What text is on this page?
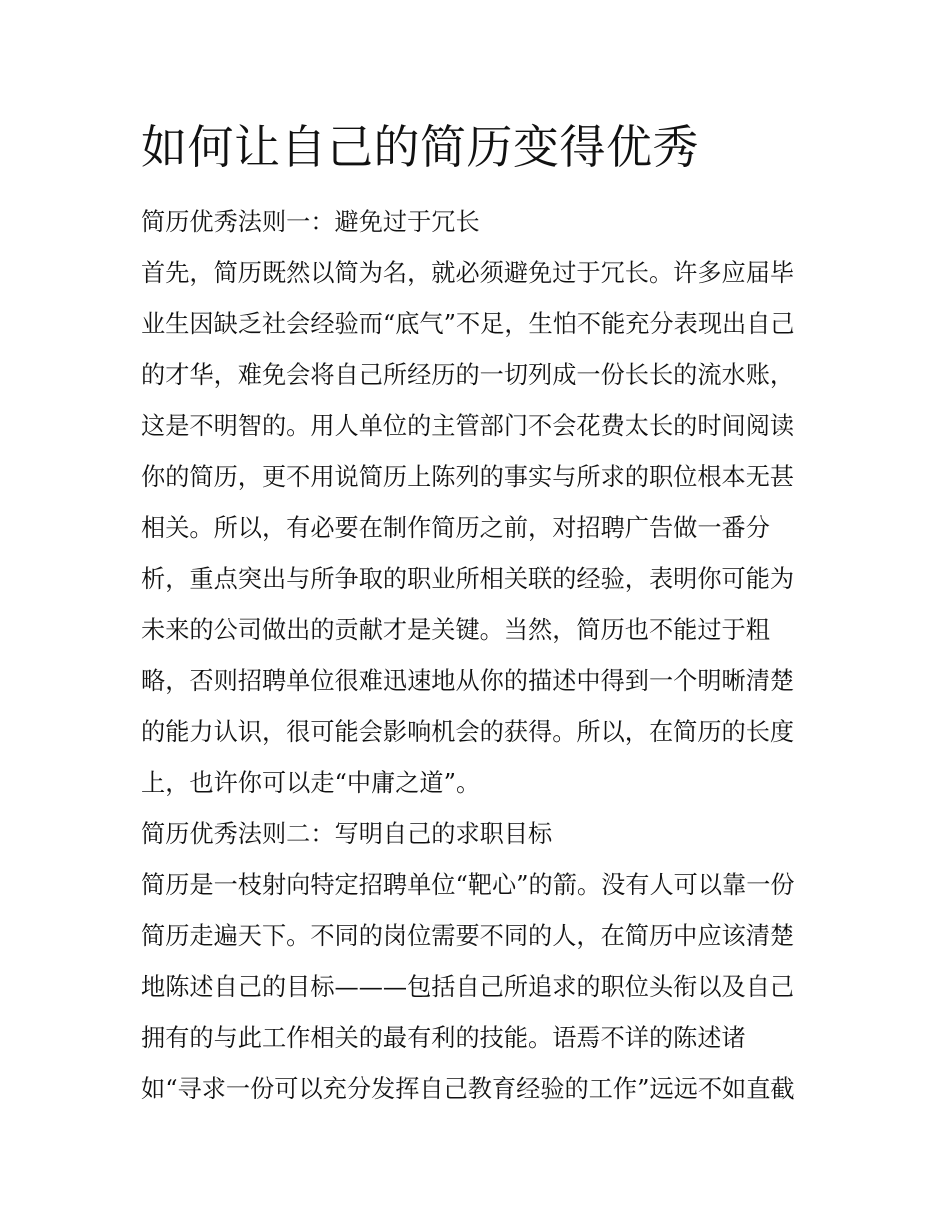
如何让自己的简历变得优秀
简历优秀法则一：避免过于冗长
首先，简历既然以简为名，就必须避免过于冗长。许多应届毕
业生因缺乏社会经验而“底气”不足，生怕不能充分表现出自己
的才华，难免会将自己所经历的一切列成一份长长的流水账，
这是不明智的。用人单位的主管部门不会花费太长的时间阅读
你的简历，更不用说简历上陈列的事实与所求的职位根本无甚
相关。所以，有必要在制作简历之前，对招聘广告做一番分
析，重点突出与所争取的职业所相关联的经验，表明你可能为
未来的公司做出的贡献才是关键。当然，简历也不能过于粗
略，否则招聘单位很难迅速地从你的描述中得到一个明晰清楚
的能力认识，很可能会影响机会的获得。所以，在简历的长度
上，也许你可以走“中庸之道”。
简历优秀法则二：写明自己的求职目标
简历是一枝射向特定招聘单位“靶心”的箭。没有人可以靠一份
简历走遍天下。不同的岗位需要不同的人，在简历中应该清楚
地陈述自己的目标———包括自己所追求的职位头衔以及自己
拥有的与此工作相关的最有利的技能。语焉不详的陈述诸
如“寻求一份可以充分发挥自己教育经验的工作”远远不如直截
